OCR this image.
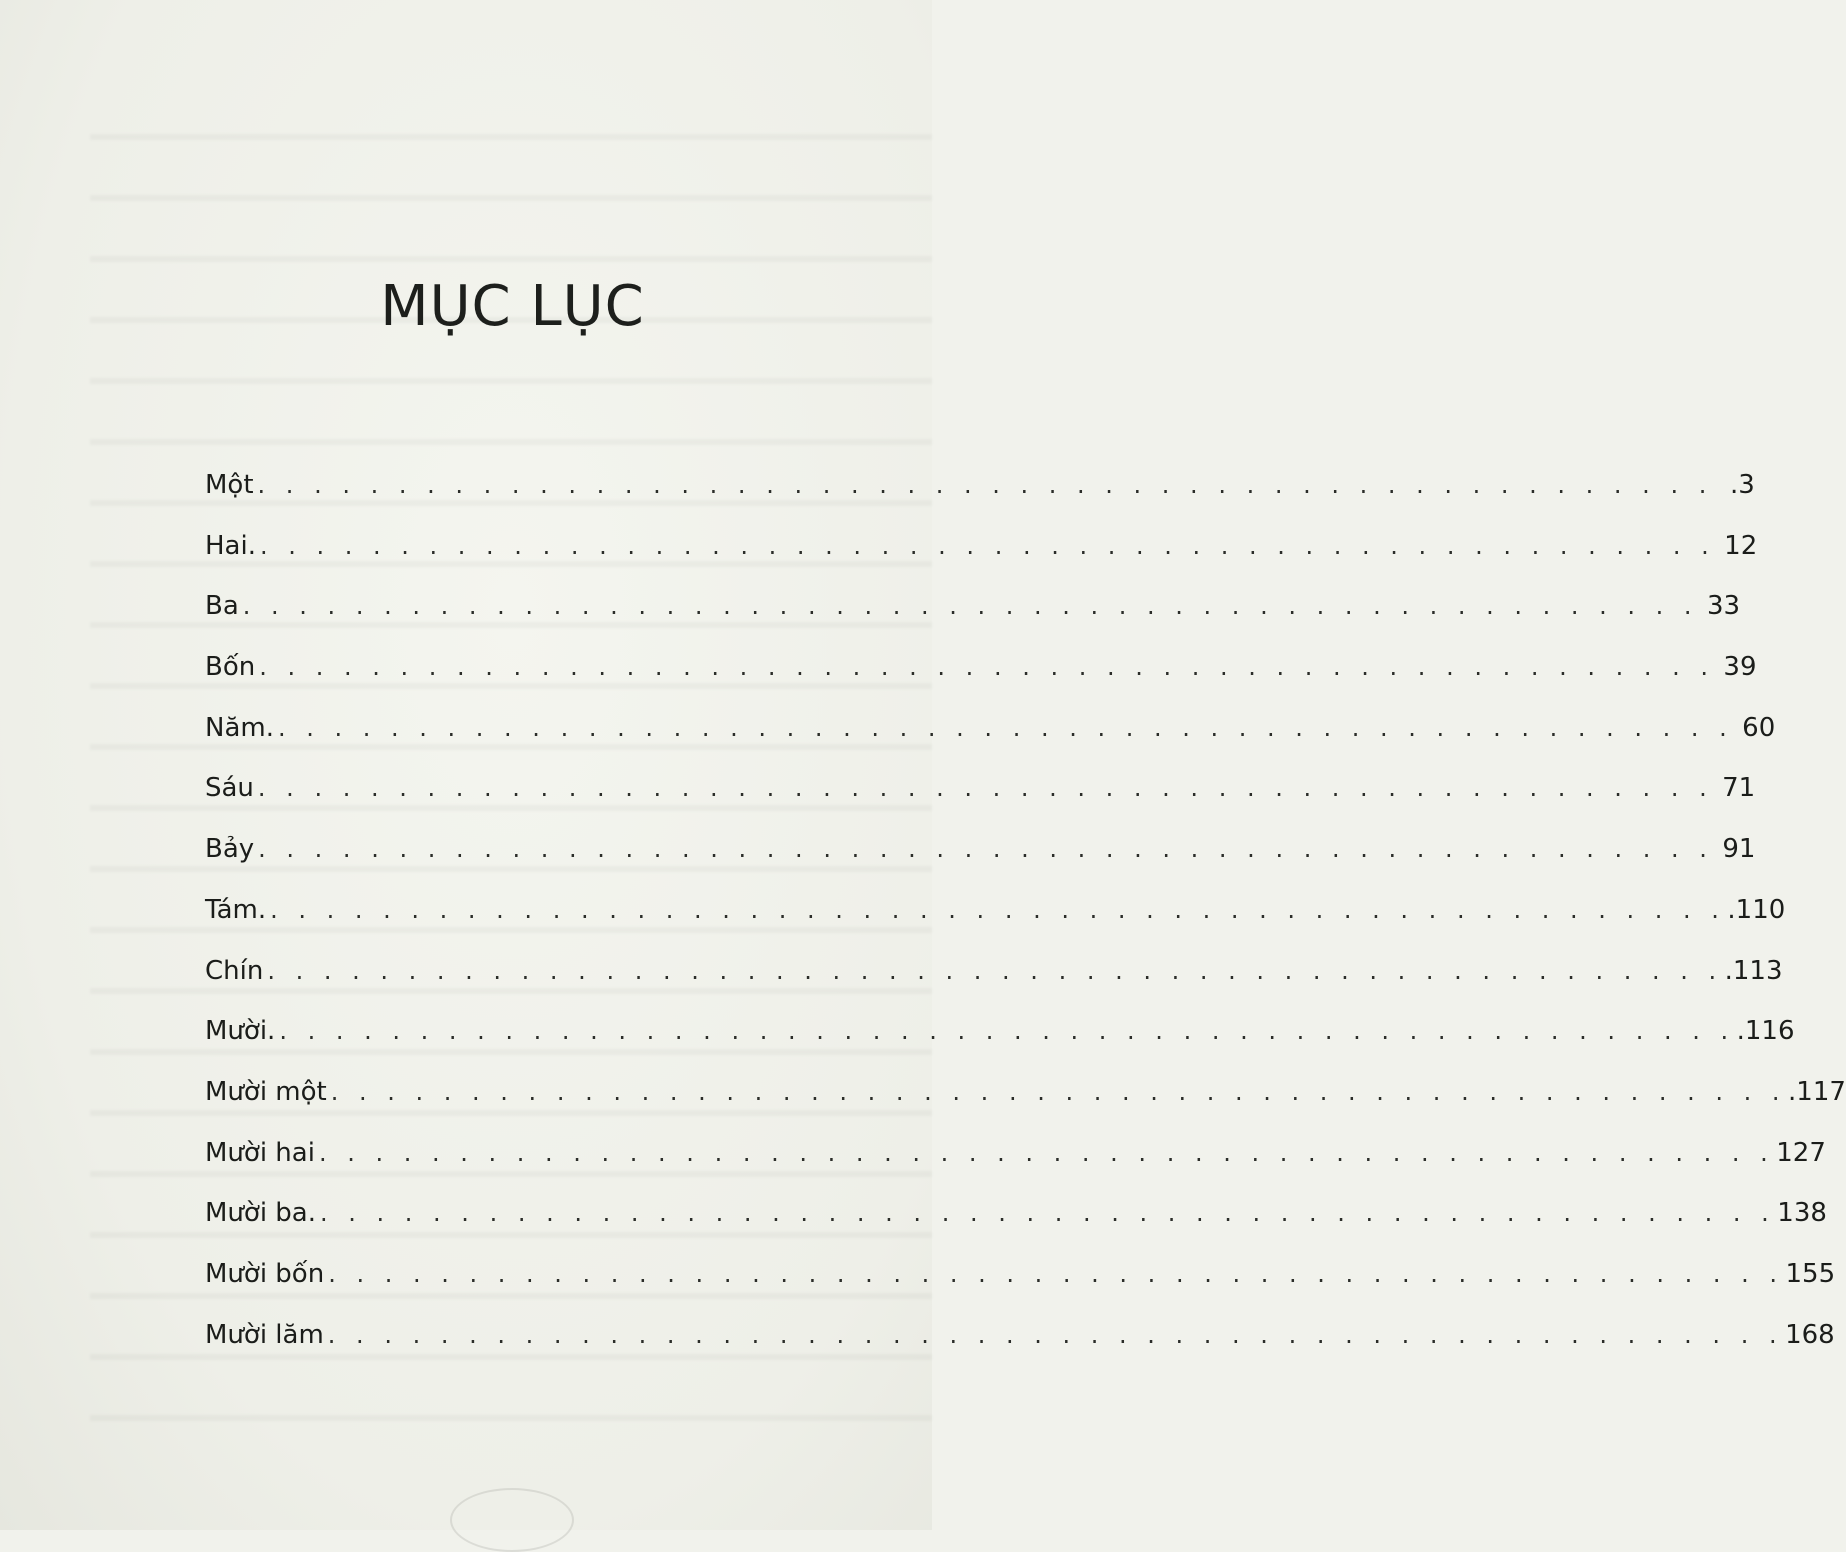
MỤC LỤC
Một . . . . . . . . . . . . . . . . . . . . . . . . . . . . . . . . . . . . . . . . . . . . . . . . . . . . .3
Hai. . . . . . . . . . . . . . . . . . . . . . . . . . . . . . . . . . . . . . . . . . . . . . . . . . . . . 12
Ba . . . . . . . . . . . . . . . . . . . . . . . . . . . . . . . . . . . . . . . . . . . . . . . . . . . . 33
Bốn . . . . . . . . . . . . . . . . . . . . . . . . . . . . . . . . . . . . . . . . . . . . . . . . . . . . 39
Năm. . . . . . . . . . . . . . . . . . . . . . . . . . . . . . . . . . . . . . . . . . . . . . . . . . . . . 60
Sáu . . . . . . . . . . . . . . . . . . . . . . . . . . . . . . . . . . . . . . . . . . . . . . . . . . . . 71
Bảy . . . . . . . . . . . . . . . . . . . . . . . . . . . . . . . . . . . . . . . . . . . . . . . . . . . . 91
Tám. . . . . . . . . . . . . . . . . . . . . . . . . . . . . . . . . . . . . . . . . . . . . . . . . . . . . .110
Chín . . . . . . . . . . . . . . . . . . . . . . . . . . . . . . . . . . . . . . . . . . . . . . . . . . . . .113
Mười. . . . . . . . . . . . . . . . . . . . . . . . . . . . . . . . . . . . . . . . . . . . . . . . . . . . . .116
Mười một . . . . . . . . . . . . . . . . . . . . . . . . . . . . . . . . . . . . . . . . . . . . . . . . . . . . .117
Mười hai . . . . . . . . . . . . . . . . . . . . . . . . . . . . . . . . . . . . . . . . . . . . . . . . . . . . 127
Mười ba. . . . . . . . . . . . . . . . . . . . . . . . . . . . . . . . . . . . . . . . . . . . . . . . . . . . . 138
Mười bốn . . . . . . . . . . . . . . . . . . . . . . . . . . . . . . . . . . . . . . . . . . . . . . . . . . . . 155
Mười lăm . . . . . . . . . . . . . . . . . . . . . . . . . . . . . . . . . . . . . . . . . . . . . . . . . . . . 168
